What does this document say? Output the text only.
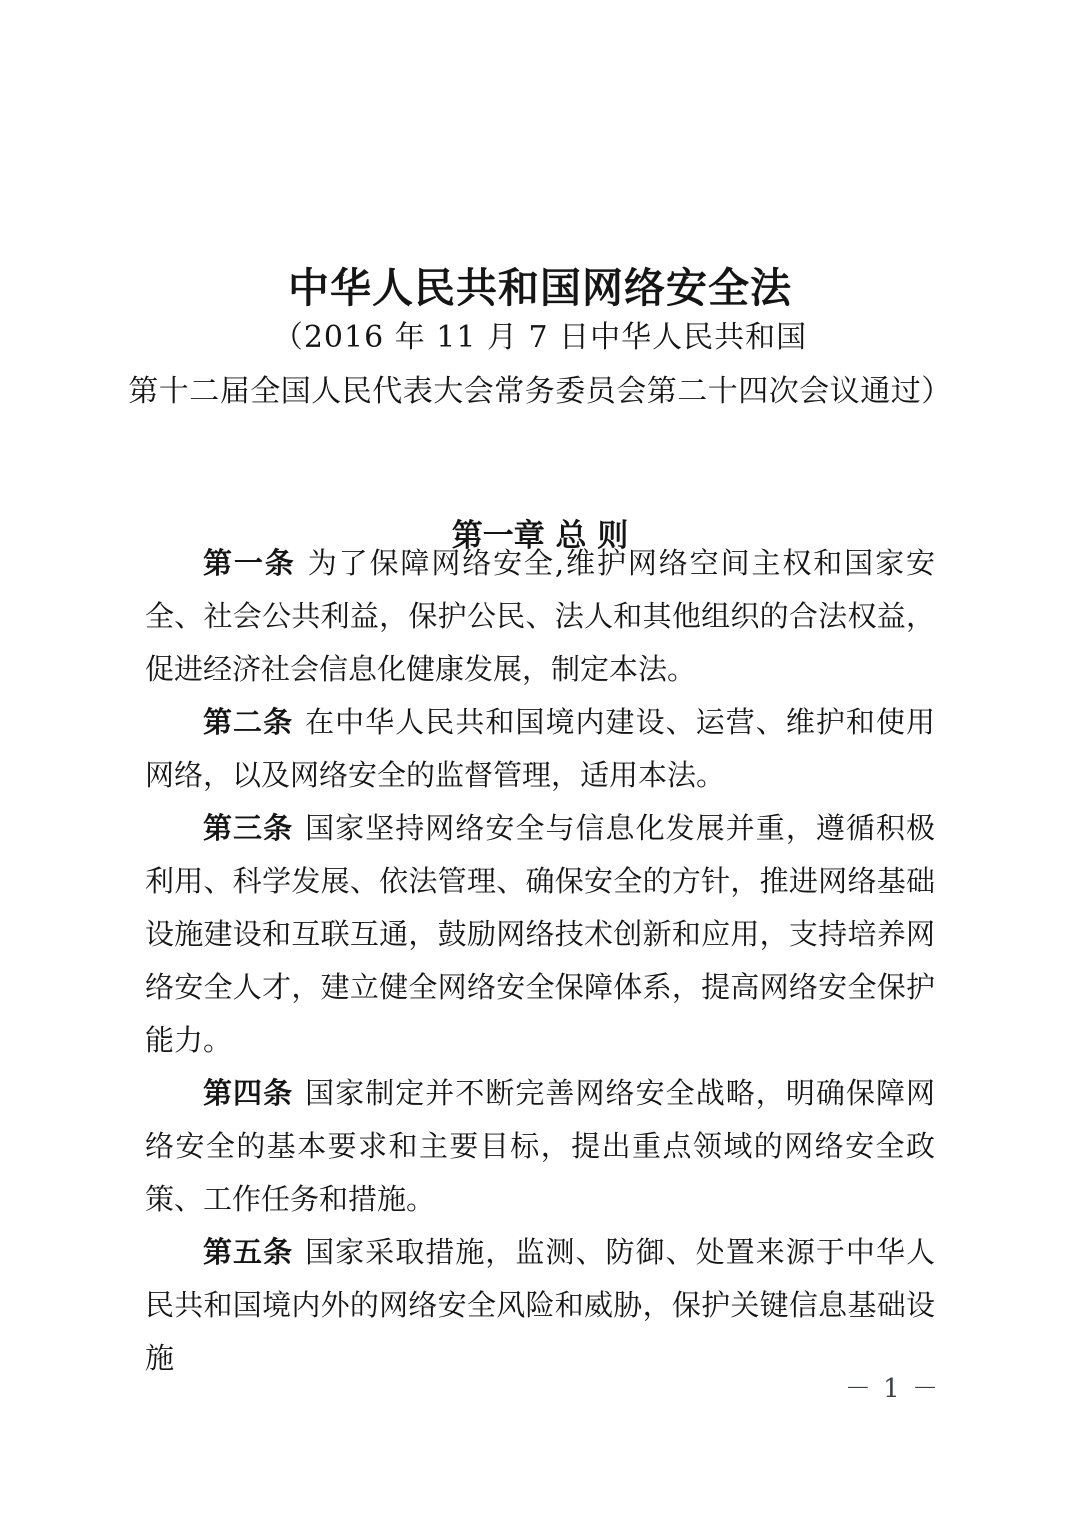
中华人民共和国网络安全法
（2016 年 11 月 7 日中华人民共和国
第十二届全国人民代表大会常务委员会第二十四次会议通过）
第一章 总 则

第一条 为了保障网络安全,维护网络空间主权和国家安全、社会公共利益，保护公民、法人和其他组织的合法权益，促进经济社会信息化健康发展，制定本法。

第二条 在中华人民共和国境内建设、运营、维护和使用网络，以及网络安全的监督管理，适用本法。

第三条 国家坚持网络安全与信息化发展并重，遵循积极利用、科学发展、依法管理、确保安全的方针，推进网络基础设施建设和互联互通，鼓励网络技术创新和应用，支持培养网络安全人才，建立健全网络安全保障体系，提高网络安全保护能力。

第四条 国家制定并不断完善网络安全战略，明确保障网络安全的基本要求和主要目标，提出重点领域的网络安全政策、工作任务和措施。

第五条 国家采取措施，监测、防御、处置来源于中华人民共和国境内外的网络安全风险和威胁，保护关键信息基础设施

－ 1 －
